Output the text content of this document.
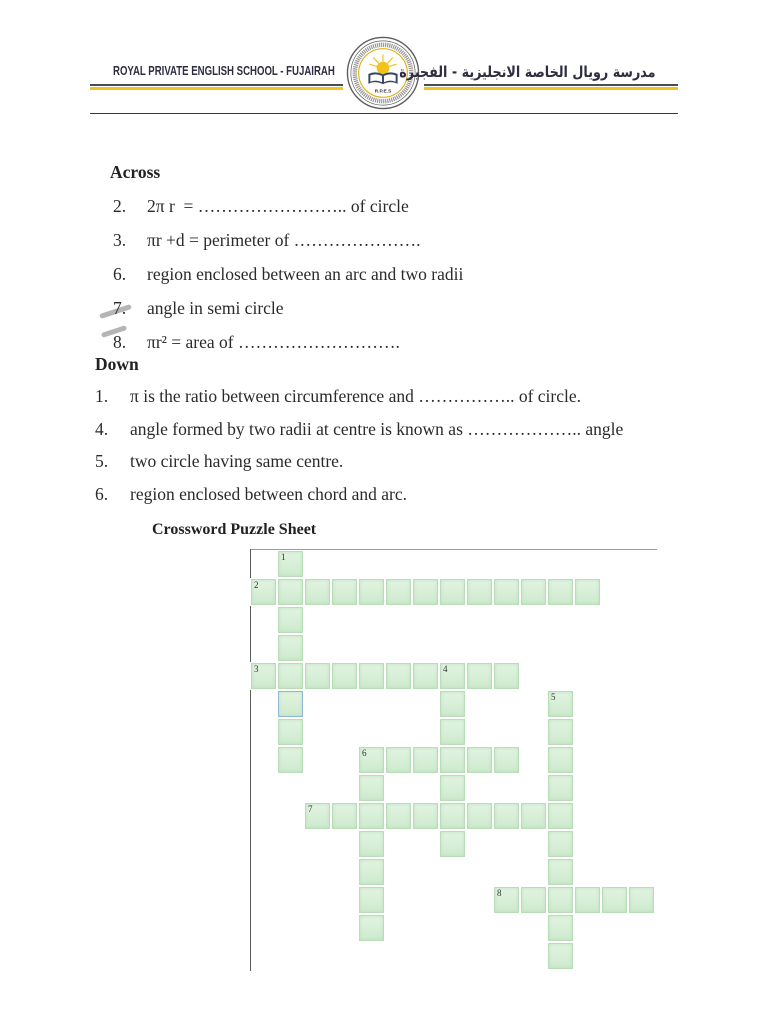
ROYAL PRIVATE ENGLISH SCHOOL - FUJAIRAH
R.P.E.S
مدرسة رويال الخاصة الانجليزية - الفجيرة
Across
2.	2π r  = …………………….. of circle
3.	πr +d = perimeter of ………………….
6.	region enclosed between an arc and two radii
7.	angle in semi circle
8.	πr² = area of ……………………….
Down
1.	π is the ratio between circumference and …………….. of circle.
4.	angle formed by two radii at centre is known as ……………….. angle
5.	two circle having same centre.
6.	region enclosed between chord and arc.
Crossword Puzzle Sheet
1
2
3	4
5
6
7
8
